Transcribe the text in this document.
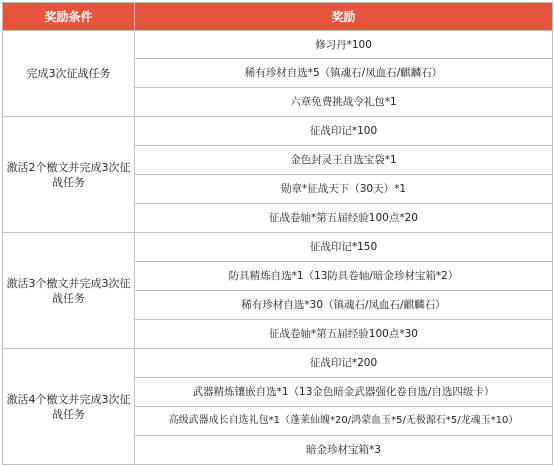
奖励条件	奖励
完成3次征战任务	修习丹*100
	稀有珍材自选*5（镇魂石/凤血石/麒麟石）
	六章免费挑战令礼包*1
激活2个檄文并完成3次征战任务	征战印记*100
	金色封灵王自选宝袋*1
	勋章*征战天下（30天）*1
	征战卷轴*第五届经验100点*20
激活3个檄文并完成3次征战任务	征战印记*150
	防具精炼自选*1（13防具卷轴/暗金珍材宝箱*2）
	稀有珍材自选*30（镇魂石/凤血石/麒麟石）
	征战卷轴*第五届经验100点*30
激活4个檄文并完成3次征战任务	征战印记*200
	武器精炼镶嵌自选*1（13金色暗金武器强化卷自选/自选四级卡）
	高级武器成长自选礼包*1（蓬莱仙魄*20/鸿蒙血玉*5/无极源石*5/龙魂玉*10）
	暗金珍材宝箱*3
